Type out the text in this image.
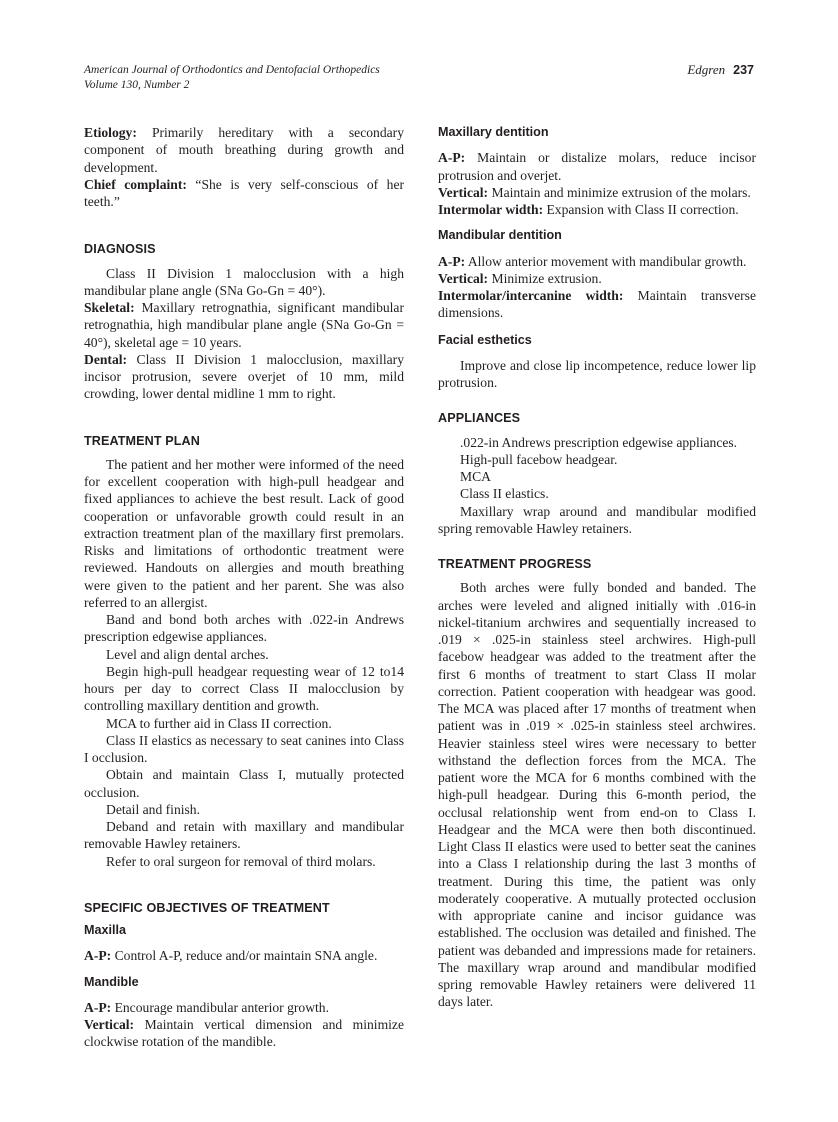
American Journal of Orthodontics and Dentofacial Orthopedics
Volume 130, Number 2
Edgren 237

Etiology: Primarily hereditary with a secondary component of mouth breathing during growth and development.

Chief complaint: “She is very self-conscious of her teeth.”

DIAGNOSIS

Class II Division 1 malocclusion with a high mandibular plane angle (SNa Go-Gn = 40°).

Skeletal: Maxillary retrognathia, significant mandibular retrognathia, high mandibular plane angle (SNa Go-Gn = 40°), skeletal age = 10 years.

Dental: Class II Division 1 malocclusion, maxillary incisor protrusion, severe overjet of 10 mm, mild crowding, lower dental midline 1 mm to right.

TREATMENT PLAN

The patient and her mother were informed of the need for excellent cooperation with high-pull headgear and fixed appliances to achieve the best result. Lack of good cooperation or unfavorable growth could result in an extraction treatment plan of the maxillary first premolars. Risks and limitations of orthodontic treatment were reviewed. Handouts on allergies and mouth breathing were given to the patient and her parent. She was also referred to an allergist.

Band and bond both arches with .022-in Andrews prescription edgewise appliances.

Level and align dental arches.

Begin high-pull headgear requesting wear of 12 to14 hours per day to correct Class II malocclusion by controlling maxillary dentition and growth.

MCA to further aid in Class II correction.

Class II elastics as necessary to seat canines into Class I occlusion.

Obtain and maintain Class I, mutually protected occlusion.

Detail and finish.

Deband and retain with maxillary and mandibular removable Hawley retainers.

Refer to oral surgeon for removal of third molars.

SPECIFIC OBJECTIVES OF TREATMENT
Maxilla

A-P: Control A-P, reduce and/or maintain SNA angle.

Mandible

A-P: Encourage mandibular anterior growth.

Vertical: Maintain vertical dimension and minimize clockwise rotation of the mandible.

Maxillary dentition

A-P: Maintain or distalize molars, reduce incisor protrusion and overjet.

Vertical: Maintain and minimize extrusion of the molars.

Intermolar width: Expansion with Class II correction.

Mandibular dentition

A-P: Allow anterior movement with mandibular growth.

Vertical: Minimize extrusion.

Intermolar/intercanine width: Maintain transverse dimensions.

Facial esthetics

Improve and close lip incompetence, reduce lower lip protrusion.

APPLIANCES

.022-in Andrews prescription edgewise appliances.

High-pull facebow headgear.

MCA

Class II elastics.

Maxillary wrap around and mandibular modified spring removable Hawley retainers.

TREATMENT PROGRESS

Both arches were fully bonded and banded. The arches were leveled and aligned initially with .016-in nickel-titanium archwires and sequentially increased to .019 × .025-in stainless steel archwires. High-pull facebow headgear was added to the treatment after the first 6 months of treatment to start Class II molar correction. Patient cooperation with headgear was good. The MCA was placed after 17 months of treatment when patient was in .019 × .025-in stainless steel archwires. Heavier stainless steel wires were necessary to better withstand the deflection forces from the MCA. The patient wore the MCA for 6 months combined with the high-pull headgear. During this 6-month period, the occlusal relationship went from end-on to Class I. Headgear and the MCA were then both discontinued. Light Class II elastics were used to better seat the canines into a Class I relationship during the last 3 months of treatment. During this time, the patient was only moderately cooperative. A mutually protected occlusion with appropriate canine and incisor guidance was established. The occlusion was detailed and finished. The patient was debanded and impressions made for retainers. The maxillary wrap around and mandibular modified spring removable Hawley retainers were delivered 11 days later.
